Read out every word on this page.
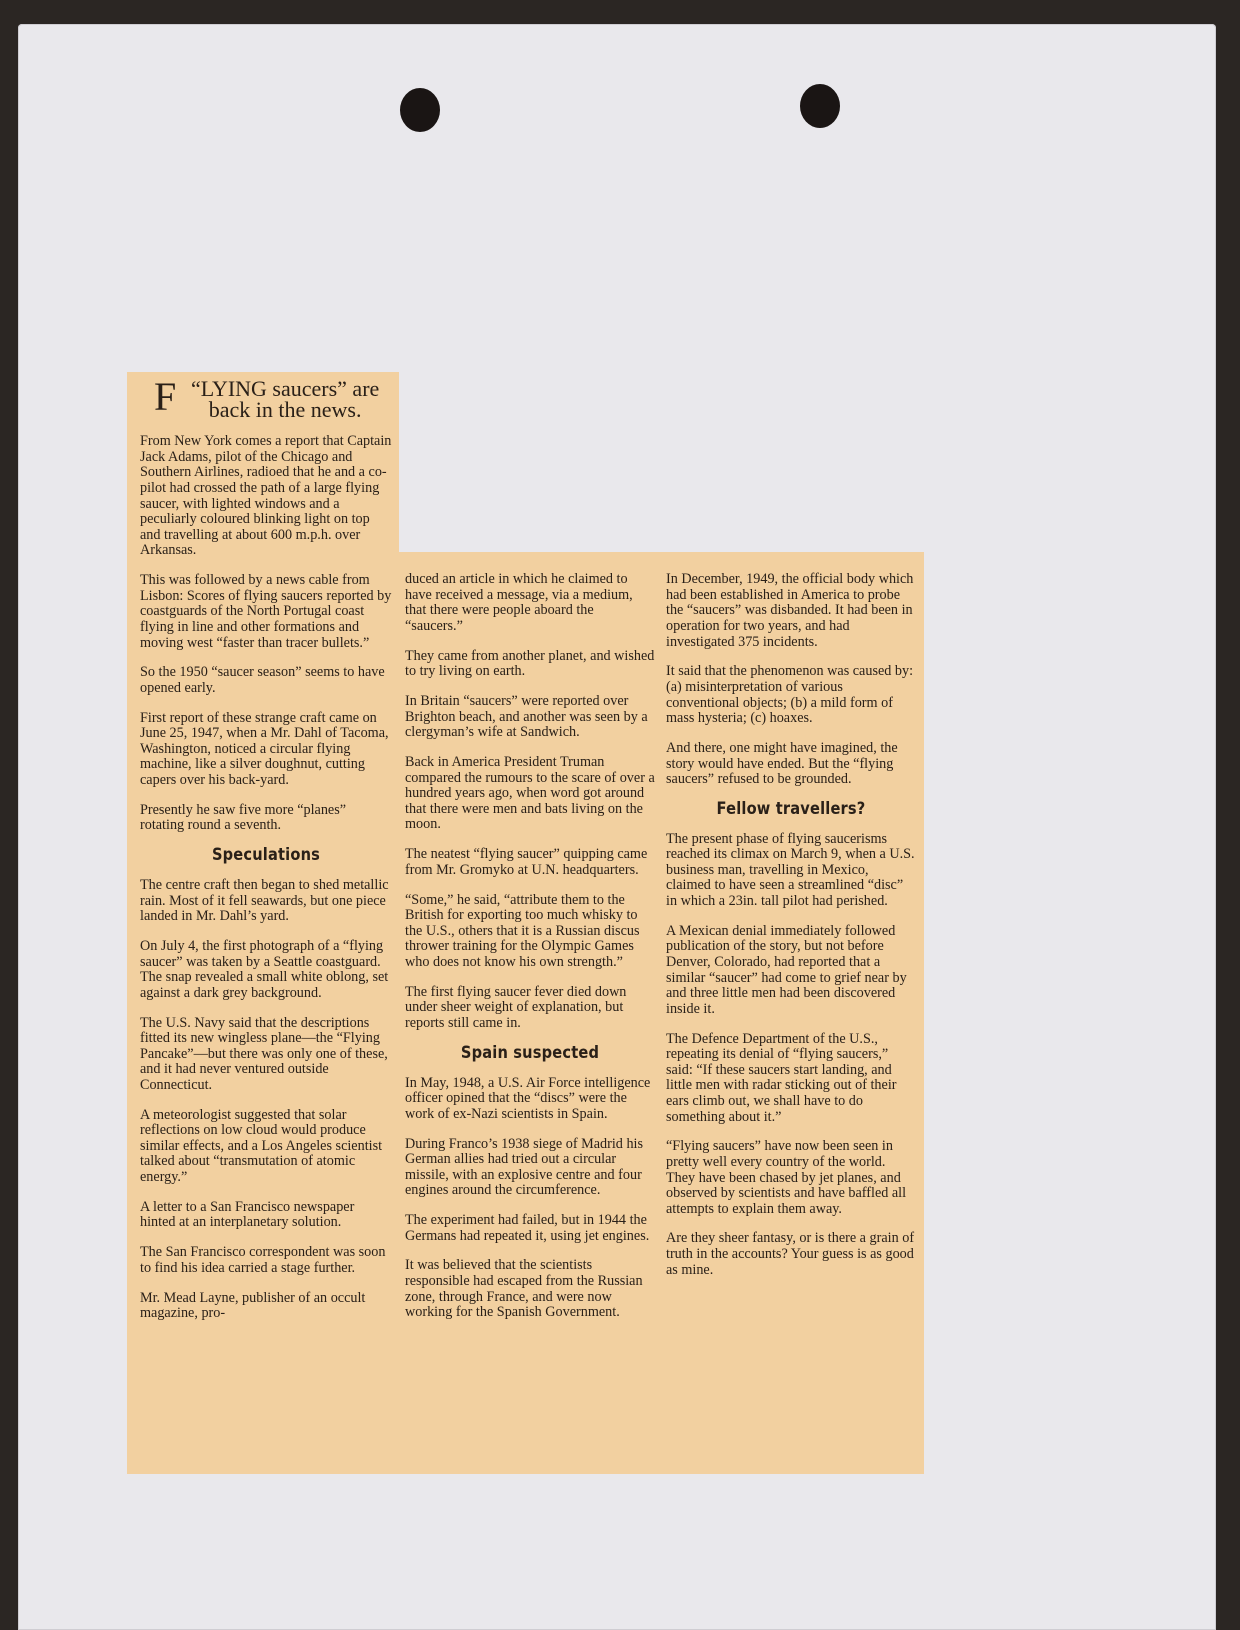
“
F LYING saucers” are back in the news.

From New York comes a report that Captain Jack Adams, pilot of the Chicago and Southern Airlines, radioed that he and a co-pilot had crossed the path of a large flying saucer, with lighted windows and a peculiarly coloured blinking light on top and travelling at about 600 m.p.h. over Arkansas.

This was followed by a news cable from Lisbon: Scores of flying saucers reported by coastguards of the North Portugal coast flying in line and other formations and moving west “faster than tracer bullets.”

So the 1950 “saucer season” seems to have opened early.

First report of these strange craft came on June 25, 1947, when a Mr. Dahl of Tacoma, Washington, noticed a circular flying machine, like a silver doughnut, cutting capers over his back-yard.

Presently he saw five more “planes” rotating round a seventh.

Speculations

The centre craft then began to shed metallic rain. Most of it fell seawards, but one piece landed in Mr. Dahl’s yard.

On July 4, the first photograph of a “flying saucer” was taken by a Seattle coastguard. The snap revealed a small white oblong, set against a dark grey background.

The U.S. Navy said that the descriptions fitted its new wingless plane—the “Flying Pancake”—but there was only one of these, and it had never ventured outside Connecticut.

A meteorologist suggested that solar reflections on low cloud would produce similar effects, and a Los Angeles scientist talked about “transmutation of atomic energy.”

A letter to a San Francisco newspaper hinted at an interplanetary solution.

The San Francisco correspondent was soon to find his idea carried a stage further.

Mr. Mead Layne, publisher of an occult magazine, pro-

duced an article in which he claimed to have received a message, via a medium, that there were people aboard the “saucers.”

They came from another planet, and wished to try living on earth.

In Britain “saucers” were reported over Brighton beach, and another was seen by a clergyman’s wife at Sandwich.

Back in America President Truman compared the rumours to the scare of over a hundred years ago, when word got around that there were men and bats living on the moon.

The neatest “flying saucer” quipping came from Mr. Gromyko at U.N. headquarters.

“Some,” he said, “attribute them to the British for exporting too much whisky to the U.S., others that it is a Russian discus thrower training for the Olympic Games who does not know his own strength.”

The first flying saucer fever died down under sheer weight of explanation, but reports still came in.

Spain suspected

In May, 1948, a U.S. Air Force intelligence officer opined that the “discs” were the work of ex-Nazi scientists in Spain.

During Franco’s 1938 siege of Madrid his German allies had tried out a circular missile, with an explosive centre and four engines around the circumference.

The experiment had failed, but in 1944 the Germans had repeated it, using jet engines.

It was believed that the scientists responsible had escaped from the Russian zone, through France, and were now working for the Spanish Government.

In December, 1949, the official body which had been established in America to probe the “saucers” was disbanded. It had been in operation for two years, and had investigated 375 incidents.

It said that the phenomenon was caused by: (a) misinterpretation of various conventional objects; (b) a mild form of mass hysteria; (c) hoaxes.

And there, one might have imagined, the story would have ended. But the “flying saucers” refused to be grounded.

Fellow travellers?

The present phase of flying saucerisms reached its climax on March 9, when a U.S. business man, travelling in Mexico, claimed to have seen a streamlined “disc” in which a 23in. tall pilot had perished.

A Mexican denial immediately followed publication of the story, but not before Denver, Colorado, had reported that a similar “saucer” had come to grief near by and three little men had been discovered inside it.

The Defence Department of the U.S., repeating its denial of “flying saucers,” said: “If these saucers start landing, and little men with radar sticking out of their ears climb out, we shall have to do something about it.”

“Flying saucers” have now been seen in pretty well every country of the world. They have been chased by jet planes, and observed by scientists and have baffled all attempts to explain them away.

Are they sheer fantasy, or is there a grain of truth in the accounts? Your guess is as good as mine.
